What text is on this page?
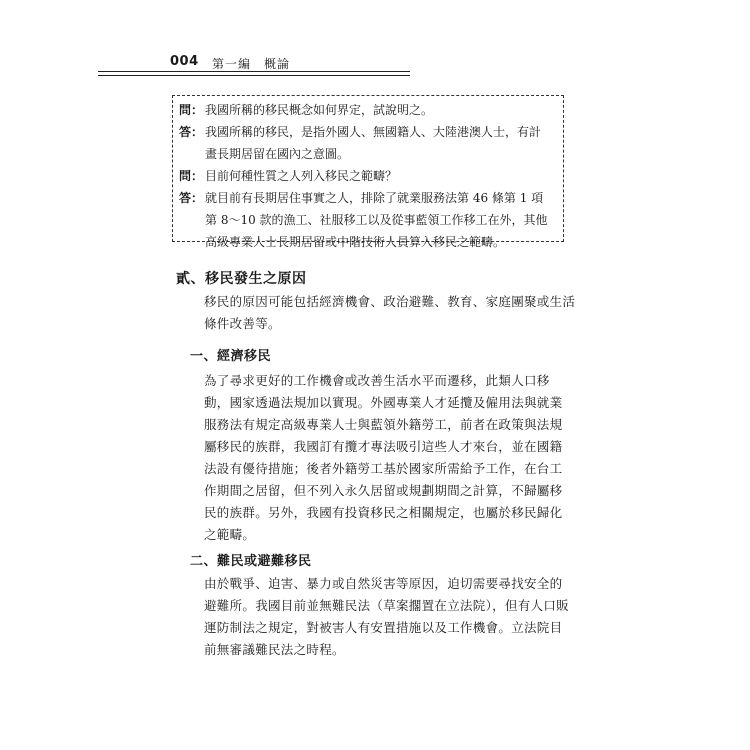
004 第一編　概論
問： 我國所稱的移民概念如何界定，試說明之。
答： 我國所稱的移民，是指外國人、無國籍人、大陸港澳人士，有計
畫長期居留在國內之意圖。
問： 目前何種性質之人列入移民之範疇？
答： 就目前有長期居住事實之人，排除了就業服務法第 46 條第 1 項
第 8～10 款的漁工、社服移工以及從事藍領工作移工在外，其他
高級專業人士長期居留或中階技術人員算入移民之範疇。
貳、移民發生之原因
移民的原因可能包括經濟機會、政治避難、教育、家庭團聚或生活
條件改善等。
一、經濟移民
為了尋求更好的工作機會或改善生活水平而遷移，此類人口移
動，國家透過法規加以實現。外國專業人才延攬及僱用法與就業
服務法有規定高級專業人士與藍領外籍勞工，前者在政策與法規
屬移民的族群，我國訂有攬才專法吸引這些人才來台，並在國籍
法設有優待措施；後者外籍勞工基於國家所需給予工作，在台工
作期間之居留，但不列入永久居留或規劃期間之計算，不歸屬移
民的族群。另外，我國有投資移民之相關規定，也屬於移民歸化
之範疇。
二、難民或避難移民
由於戰爭、迫害、暴力或自然災害等原因，迫切需要尋找安全的
避難所。我國目前並無難民法（草案擱置在立法院），但有人口販
運防制法之規定，對被害人有安置措施以及工作機會。立法院目
前無審議難民法之時程。
